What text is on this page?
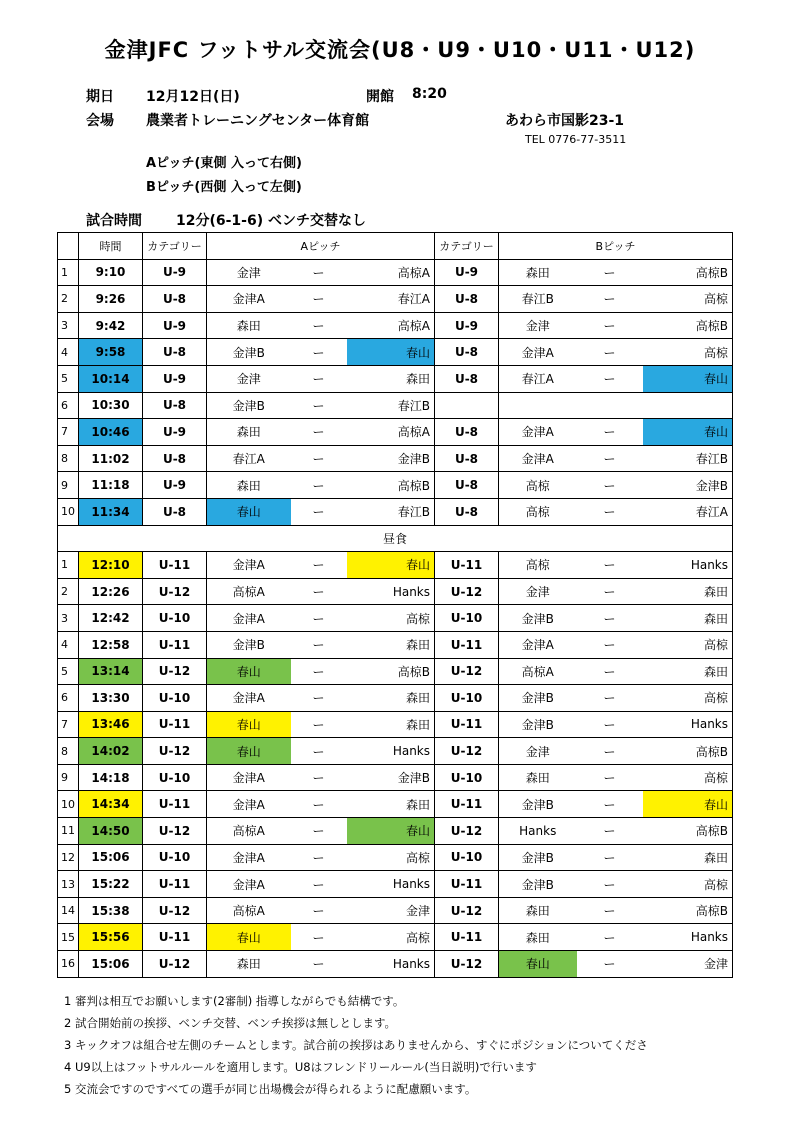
金津JFC フットサル交流会(U8・U9・U10・U11・U12)
期日 12月12日(日)	開館 8:20
会場 農業者トレーニングセンター体育館	あわら市国影23-1
TEL 0776-77-3511
Aピッチ(東側 入って右側)
Bピッチ(西側 入って左側)
試合時間 12分(6-1-6) ベンチ交替なし
	時間	カテゴリー	Aピッチ			カテゴリー	Bピッチ		
1	9:10	U-9	金津	ー	高椋A	U-9	森田	ー	高椋B
2	9:26	U-8	金津A	ー	春江A	U-8	春江B	ー	高椋
3	9:42	U-9	森田	ー	高椋A	U-9	金津	ー	高椋B
4	9:58	U-8	金津B	ー	春山	U-8	金津A	ー	高椋
5	10:14	U-9	金津	ー	森田	U-8	春江A	ー	春山
6	10:30	U-8	金津B	ー	春江B				
7	10:46	U-9	森田	ー	高椋A	U-8	金津A	ー	春山
8	11:02	U-8	春江A	ー	金津B	U-8	金津A	ー	春江B
9	11:18	U-9	森田	ー	高椋B	U-8	高椋	ー	金津B
10	11:34	U-8	春山	ー	春江B	U-8	高椋	ー	春江A
昼食									
1	12:10	U-11	金津A	ー	春山	U-11	高椋	ー	Hanks
2	12:26	U-12	高椋A	ー	Hanks	U-12	金津	ー	森田
3	12:42	U-10	金津A	ー	高椋	U-10	金津B	ー	森田
4	12:58	U-11	金津B	ー	森田	U-11	金津A	ー	高椋
5	13:14	U-12	春山	ー	高椋B	U-12	高椋A	ー	森田
6	13:30	U-10	金津A	ー	森田	U-10	金津B	ー	高椋
7	13:46	U-11	春山	ー	森田	U-11	金津B	ー	Hanks
8	14:02	U-12	春山	ー	Hanks	U-12	金津	ー	高椋B
9	14:18	U-10	金津A	ー	金津B	U-10	森田	ー	高椋
10	14:34	U-11	金津A	ー	森田	U-11	金津B	ー	春山
11	14:50	U-12	高椋A	ー	春山	U-12	Hanks	ー	高椋B
12	15:06	U-10	金津A	ー	高椋	U-10	金津B	ー	森田
13	15:22	U-11	金津A	ー	Hanks	U-11	金津B	ー	高椋
14	15:38	U-12	高椋A	ー	金津	U-12	森田	ー	高椋B
15	15:56	U-11	春山	ー	高椋	U-11	森田	ー	Hanks
16	15:06	U-12	森田	ー	Hanks	U-12	春山	ー	金津
1 審判は相互でお願いします(2審制) 指導しながらでも結構です。
2 試合開始前の挨拶、ベンチ交替、ベンチ挨拶は無しとします。
3 キックオフは組合せ左側のチームとします。試合前の挨拶はありませんから、すぐにポジションについてくださ
4 U9以上はフットサルルールを適用します。U8はフレンドリールール(当日説明)で行います
5 交流会ですのですべての選手が同じ出場機会が得られるように配慮願います。
